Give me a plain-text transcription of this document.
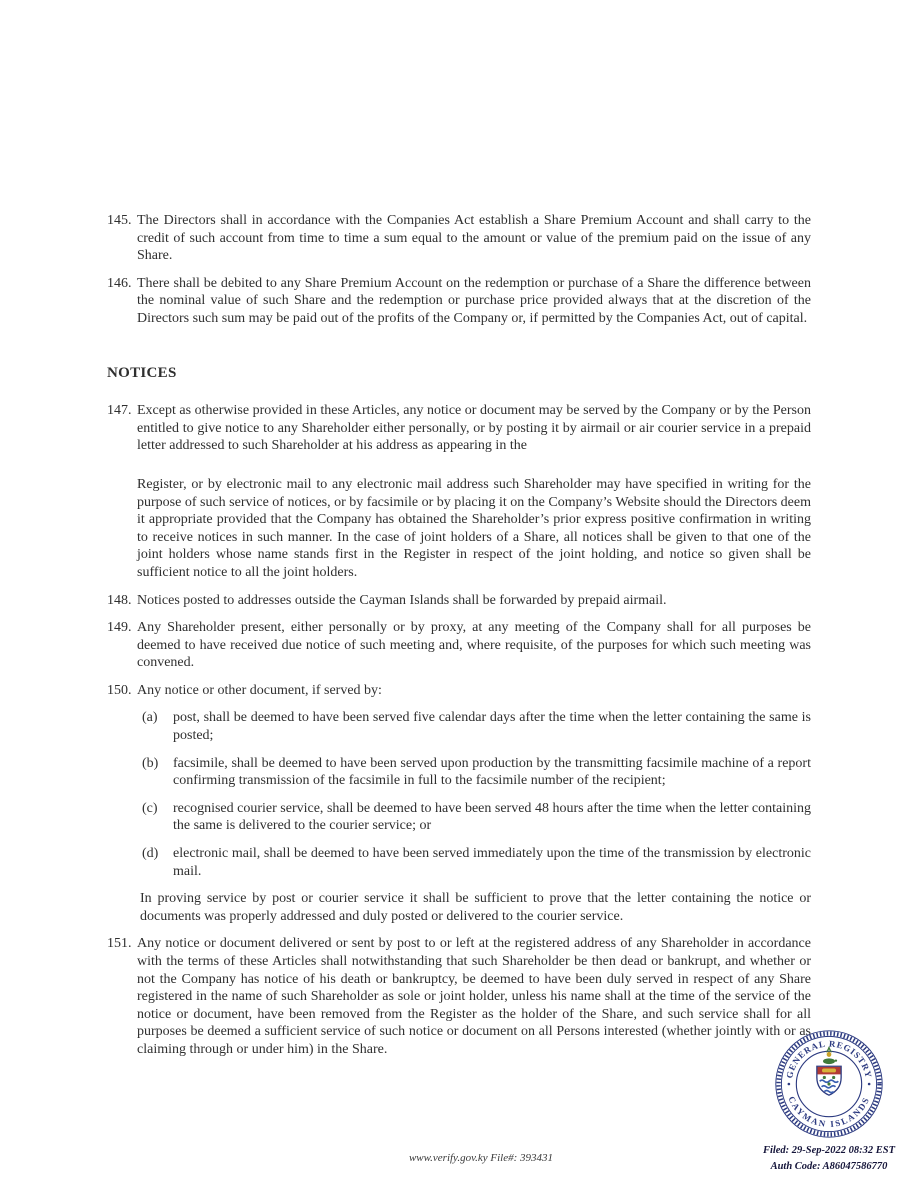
145. The Directors shall in accordance with the Companies Act establish a Share Premium Account and shall carry to the credit of such account from time to time a sum equal to the amount or value of the premium paid on the issue of any Share.
146. There shall be debited to any Share Premium Account on the redemption or purchase of a Share the difference between the nominal value of such Share and the redemption or purchase price provided always that at the discretion of the Directors such sum may be paid out of the profits of the Company or, if permitted by the Companies Act, out of capital.
NOTICES
147. Except as otherwise provided in these Articles, any notice or document may be served by the Company or by the Person entitled to give notice to any Shareholder either personally, or by posting it by airmail or air courier service in a prepaid letter addressed to such Shareholder at his address as appearing in the
Register, or by electronic mail to any electronic mail address such Shareholder may have specified in writing for the purpose of such service of notices, or by facsimile or by placing it on the Company’s Website should the Directors deem it appropriate provided that the Company has obtained the Shareholder’s prior express positive confirmation in writing to receive notices in such manner. In the case of joint holders of a Share, all notices shall be given to that one of the joint holders whose name stands first in the Register in respect of the joint holding, and notice so given shall be sufficient notice to all the joint holders.
148. Notices posted to addresses outside the Cayman Islands shall be forwarded by prepaid airmail.
149. Any Shareholder present, either personally or by proxy, at any meeting of the Company shall for all purposes be deemed to have received due notice of such meeting and, where requisite, of the purposes for which such meeting was convened.
150. Any notice or other document, if served by:
(a) post, shall be deemed to have been served five calendar days after the time when the letter containing the same is posted;
(b) facsimile, shall be deemed to have been served upon production by the transmitting facsimile machine of a report confirming transmission of the facsimile in full to the facsimile number of the recipient;
(c) recognised courier service, shall be deemed to have been served 48 hours after the time when the letter containing the same is delivered to the courier service; or
(d) electronic mail, shall be deemed to have been served immediately upon the time of the transmission by electronic mail.
In proving service by post or courier service it shall be sufficient to prove that the letter containing the notice or documents was properly addressed and duly posted or delivered to the courier service.
151. Any notice or document delivered or sent by post to or left at the registered address of any Shareholder in accordance with the terms of these Articles shall notwithstanding that such Shareholder be then dead or bankrupt, and whether or not the Company has notice of his death or bankruptcy, be deemed to have been duly served in respect of any Share registered in the name of such Shareholder as sole or joint holder, unless his name shall at the time of the service of the notice or document, have been removed from the Register as the holder of the Share, and such service shall for all purposes be deemed a sufficient service of such notice or document on all Persons interested (whether jointly with or as claiming through or under him) in the Share.
GENERAL REGISTRY
CAYMAN ISLANDS
Filed: 29-Sep-2022 08:32 EST
Auth Code: A86047586770
www.verify.gov.ky File#: 393431
